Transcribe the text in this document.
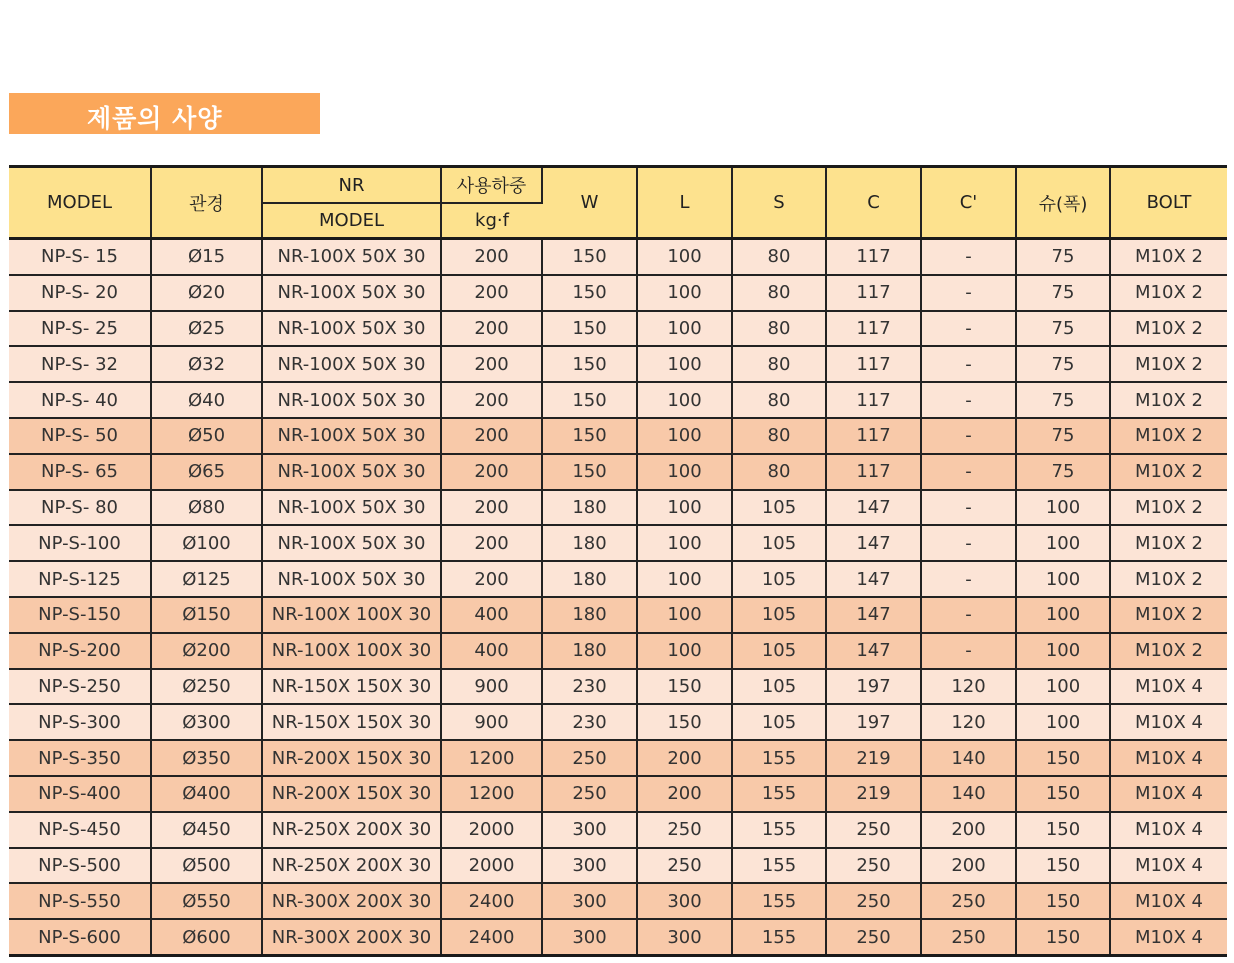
제품의 사양
MODEL	관경	NR	사용하중	W	L	S	C	C'	슈(폭)	BOLT
		MODEL	kg·f							
NP-S- 15	Ø15	NR-100X 50X 30	200	150	100	80	117	-	75	M10X 2
NP-S- 20	Ø20	NR-100X 50X 30	200	150	100	80	117	-	75	M10X 2
NP-S- 25	Ø25	NR-100X 50X 30	200	150	100	80	117	-	75	M10X 2
NP-S- 32	Ø32	NR-100X 50X 30	200	150	100	80	117	-	75	M10X 2
NP-S- 40	Ø40	NR-100X 50X 30	200	150	100	80	117	-	75	M10X 2
NP-S- 50	Ø50	NR-100X 50X 30	200	150	100	80	117	-	75	M10X 2
NP-S- 65	Ø65	NR-100X 50X 30	200	150	100	80	117	-	75	M10X 2
NP-S- 80	Ø80	NR-100X 50X 30	200	180	100	105	147	-	100	M10X 2
NP-S-100	Ø100	NR-100X 50X 30	200	180	100	105	147	-	100	M10X 2
NP-S-125	Ø125	NR-100X 50X 30	200	180	100	105	147	-	100	M10X 2
NP-S-150	Ø150	NR-100X 100X 30	400	180	100	105	147	-	100	M10X 2
NP-S-200	Ø200	NR-100X 100X 30	400	180	100	105	147	-	100	M10X 2
NP-S-250	Ø250	NR-150X 150X 30	900	230	150	105	197	120	100	M10X 4
NP-S-300	Ø300	NR-150X 150X 30	900	230	150	105	197	120	100	M10X 4
NP-S-350	Ø350	NR-200X 150X 30	1200	250	200	155	219	140	150	M10X 4
NP-S-400	Ø400	NR-200X 150X 30	1200	250	200	155	219	140	150	M10X 4
NP-S-450	Ø450	NR-250X 200X 30	2000	300	250	155	250	200	150	M10X 4
NP-S-500	Ø500	NR-250X 200X 30	2000	300	250	155	250	200	150	M10X 4
NP-S-550	Ø550	NR-300X 200X 30	2400	300	300	155	250	250	150	M10X 4
NP-S-600	Ø600	NR-300X 200X 30	2400	300	300	155	250	250	150	M10X 4
